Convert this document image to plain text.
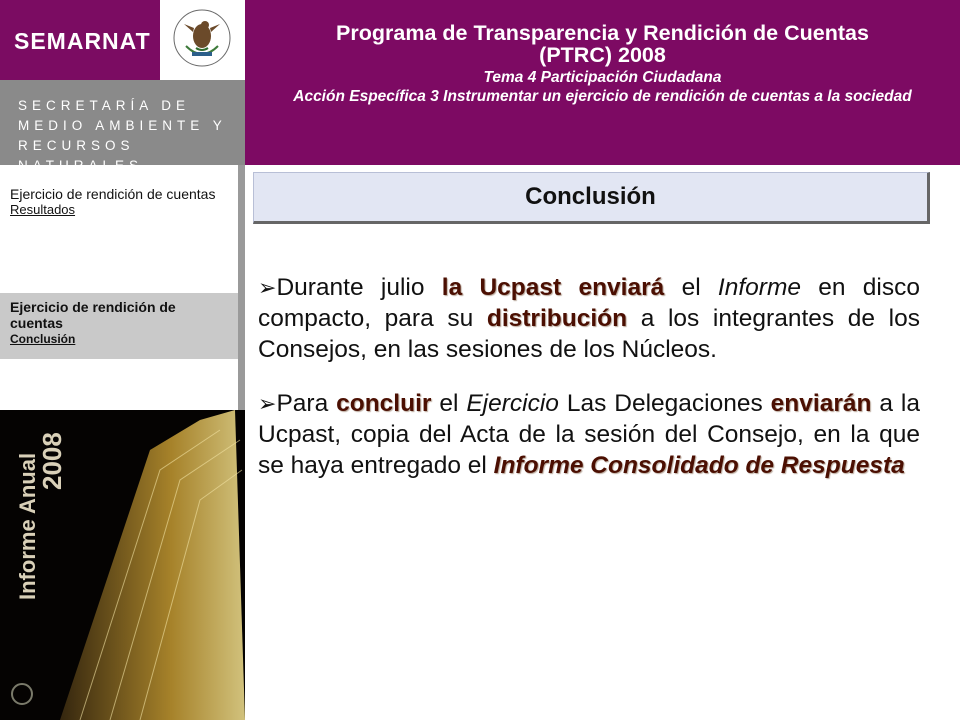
SEMARNAT
SECRETARÍA DE
MEDIO AMBIENTE Y
RECURSOS NATURALES
Programa de Transparencia y Rendición de Cuentas
(PTRC) 2008
Tema 4 Participación Ciudadana
Acción Específica 3 Instrumentar un ejercicio de rendición de cuentas a la sociedad
Ejercicio de rendición de cuentas
Resultados
Ejercicio de rendición de cuentas
Conclusión
Informe Anual
2008
Conclusión

➢Durante julio la Ucpast enviará el Informe en disco compacto, para su distribución a los integrantes de los Consejos, en las sesiones de los Núcleos.

➢Para concluir el Ejercicio Las Delegaciones enviarán a la Ucpast, copia del Acta de la sesión del Consejo, en la que se haya entregado el Informe Consolidado de Respuesta
